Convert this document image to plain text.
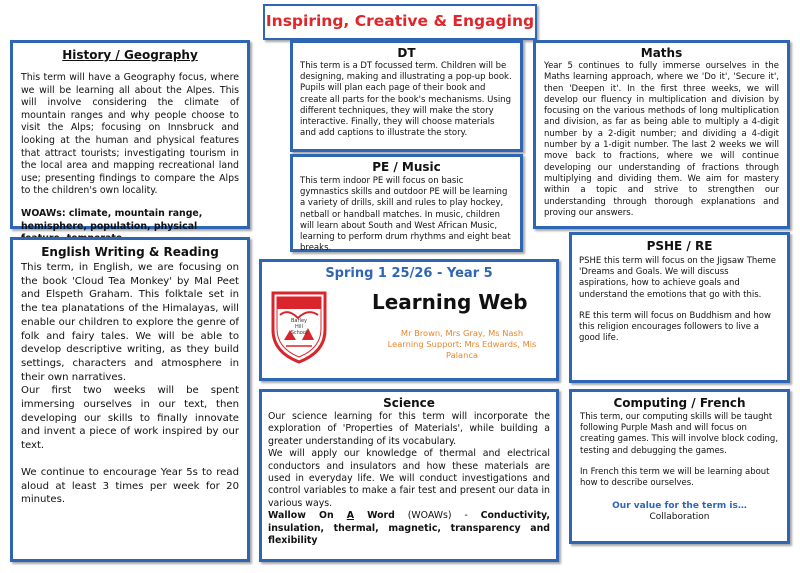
Inspiring, Creative & Engaging
History / Geography

This term will have a Geography focus, where we will be learning all about the Alpes. This will involve considering the climate of mountain ranges and why people choose to visit the Alps; focusing on Innsbruck and looking at the human and physical features that attract tourists; investigating tourism in the local area and mapping recreational land use; presenting findings to compare the Alps to the children's own locality.

WOAWs: climate, mountain range, hemisphere, population, physical

DT

This term is a DT focussed term. Children will be designing, making and illustrating a pop-up book. Pupils will plan each page of their book and create all parts for the book's mechanisms. Using different techniques, they will make the story interactive. Finally, they will choose materials and add captions to illustrate the story.

PE / Music

This term indoor PE will focus on basic gymnastics skills and outdoor PE will be learning a variety of drills, skill and rules to play hockey, netball or handball matches. In music, children will learn about South and West African Music, learning to perform drum rhythms and eight beat breaks.

Maths

Year 5 continues to fully immerse ourselves in the Maths learning approach, where we 'Do it', 'Secure it', then 'Deepen it'. In the first three weeks, we will develop our fluency in multiplication and division by focusing on the various methods of long multiplication and division, as far as being able to multiply a 4-digit number by a 2-digit number; and dividing a 4-digit number by a 1-digit number. The last 2 weeks we will move back to fractions, where we will continue developing our understanding of fractions through multiplying and dividing them. We aim for mastery within a topic and strive to strengthen our understanding through thorough explanations and proving our answers.

English Writing & Reading

This term, in English, we are focusing on the book 'Cloud Tea Monkey' by Mal Peet and Elspeth Graham. This folktale set in the tea planatations of the Himalayas, will enable our children to explore the genre of folk and fairy tales. We will be able to develop descriptive writing, as they build settings, characters and atmosphere in their own narratives.

Our first two weeks will be spent immersing ourselves in our text, then developing our skills to finally innovate and invent a piece of work inspired by our text.

We continue to encourage Year 5s to read aloud at least 3 times per week for 20 minutes.

Spring 1 25/26 - Year 5
Barley Hill School
Learning Web
Mr Brown, Mrs Gray, Ms Nash
Learning Support: Mrs Edwards, Mis Palanca
PSHE / RE

PSHE this term will focus on the Jigsaw Theme 'Dreams and Goals. We will discuss aspirations, how to achieve goals and understand the emotions that go with this.

RE this term will focus on Buddhism and how this religion encourages followers to live a good life.

Science

Our science learning for this term will incorporate the exploration of 'Properties of Materials', while building a greater understanding of its vocabulary.

We will apply our knowledge of thermal and electrical conductors and insulators and how these materials are used in everyday life. We will conduct investigations and control variables to make a fair test and present our data in various ways.

Wallow On A Word (WOAWs) - Conductivity, insulation, thermal, magnetic, transparency and flexibility

Computing / French

This term, our computing skills will be taught following Purple Mash and will focus on creating games. This will involve block coding, testing and debugging the games.

In French this term we will be learning about how to describe ourselves.

Our value for the term is…

Collaboration
